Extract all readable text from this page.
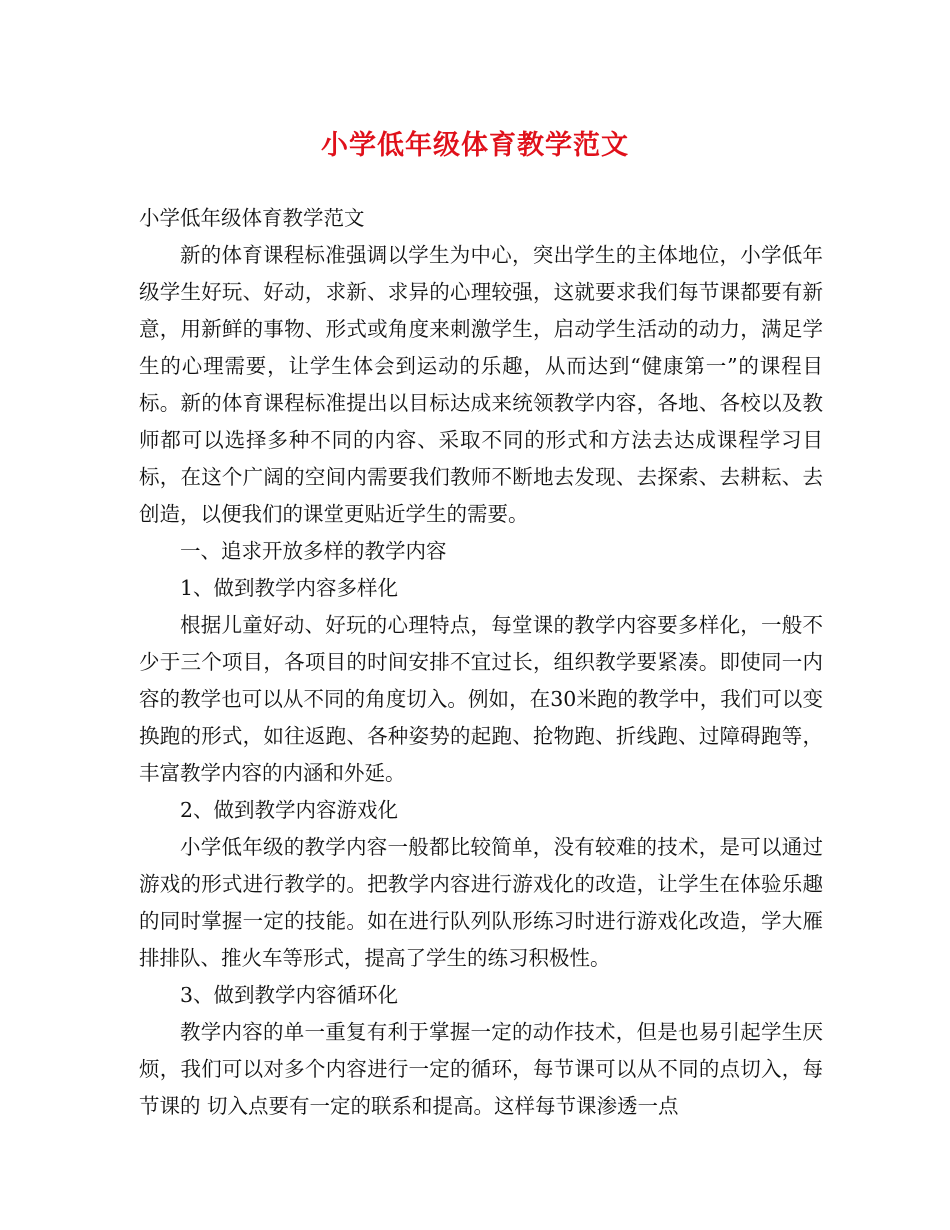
小学低年级体育教学范文

小学低年级体育教学范文

新的体育课程标准强调以学生为中心，突出学生的主体地位，小学低年级学生好玩、好动，求新、求异的心理较强，这就要求我们每节课都要有新意，用新鲜的事物、形式或角度来刺激学生，启动学生活动的动力，满足学生的心理需要，让学生体会到运动的乐趣，从而达到“健康第一”的课程目标。新的体育课程标准提出以目标达成来统领教学内容，各地、各校以及教师都可以选择多种不同的内容、采取不同的形式和方法去达成课程学习目标，在这个广阔的空间内需要我们教师不断地去发现、去探索、去耕耘、去创造，以便我们的课堂更贴近学生的需要。

一、追求开放多样的教学内容

1、做到教学内容多样化

根据儿童好动、好玩的心理特点，每堂课的教学内容要多样化，一般不少于三个项目，各项目的时间安排不宜过长，组织教学要紧凑。即使同一内容的教学也可以从不同的角度切入。例如，在30米跑的教学中，我们可以变换跑的形式，如往返跑、各种姿势的起跑、抢物跑、折线跑、过障碍跑等，丰富教学内容的内涵和外延。

2、做到教学内容游戏化

小学低年级的教学内容一般都比较简单，没有较难的技术，是可以通过游戏的形式进行教学的。把教学内容进行游戏化的改造，让学生在体验乐趣的同时掌握一定的技能。如在进行队列队形练习时进行游戏化改造，学大雁排排队、推火车等形式，提高了学生的练习积极性。

3、做到教学内容循环化

教学内容的单一重复有利于掌握一定的动作技术，但是也易引起学生厌烦，我们可以对多个内容进行一定的循环，每节课可以从不同的点切入，每节课的 切入点要有一定的联系和提高。这样每节课渗透一点
